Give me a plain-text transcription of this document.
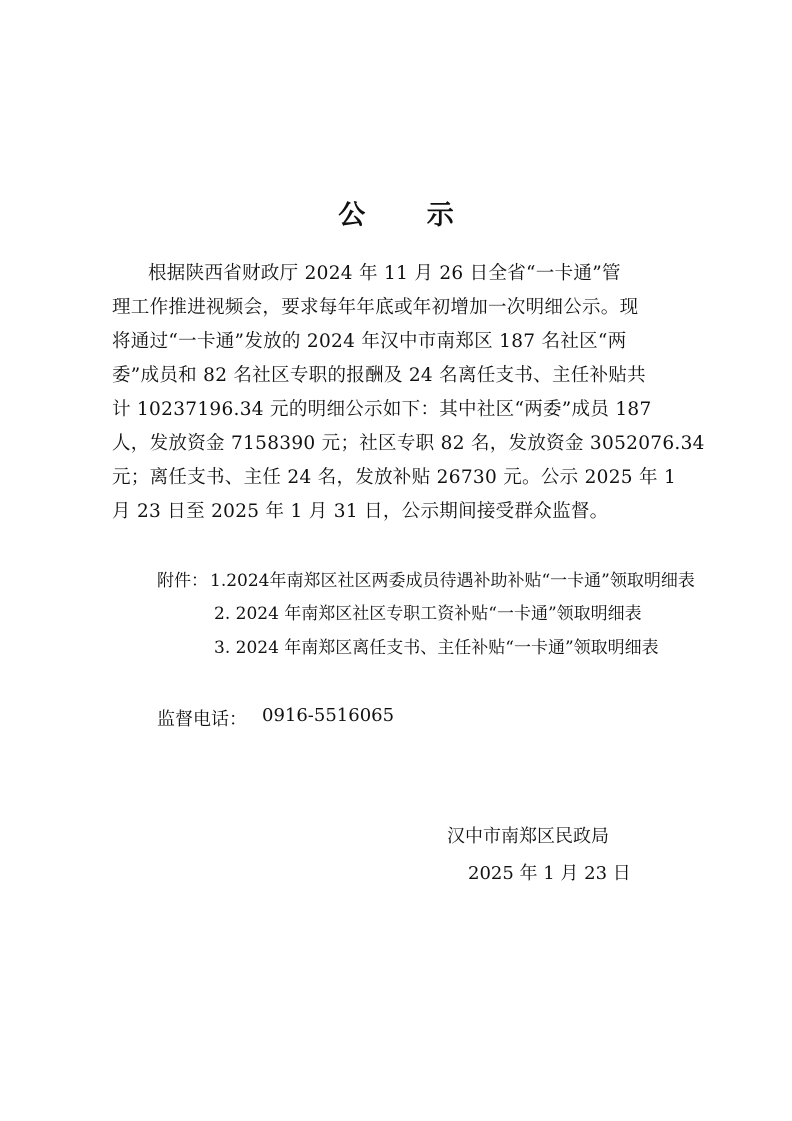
公 示
根据陕西省财政厅 2024 年 11 月 26 日全省“一卡通”管
理工作推进视频会，要求每年年底或年初增加一次明细公示。现
将通过“一卡通”发放的 2024 年汉中市南郑区 187 名社区“两
委”成员和 82 名社区专职的报酬及 24 名离任支书、主任补贴共
计 10237196.34 元的明细公示如下：其中社区“两委”成员 187
人，发放资金 7158390 元；社区专职 82 名，发放资金 3052076.34
元；离任支书、主任 24 名，发放补贴 26730 元。公示 2025 年 1
月 23 日至 2025 年 1 月 31 日，公示期间接受群众监督。
附件： 1.2024年南郑区社区两委成员待遇补助补贴“一卡通”领取明细表
2. 2024 年南郑区社区专职工资补贴“一卡通”领取明细表
3. 2024 年南郑区离任支书、主任补贴“一卡通”领取明细表
监督电话： 0916-5516065
汉中市南郑区民政局
2025 年 1 月 23 日
